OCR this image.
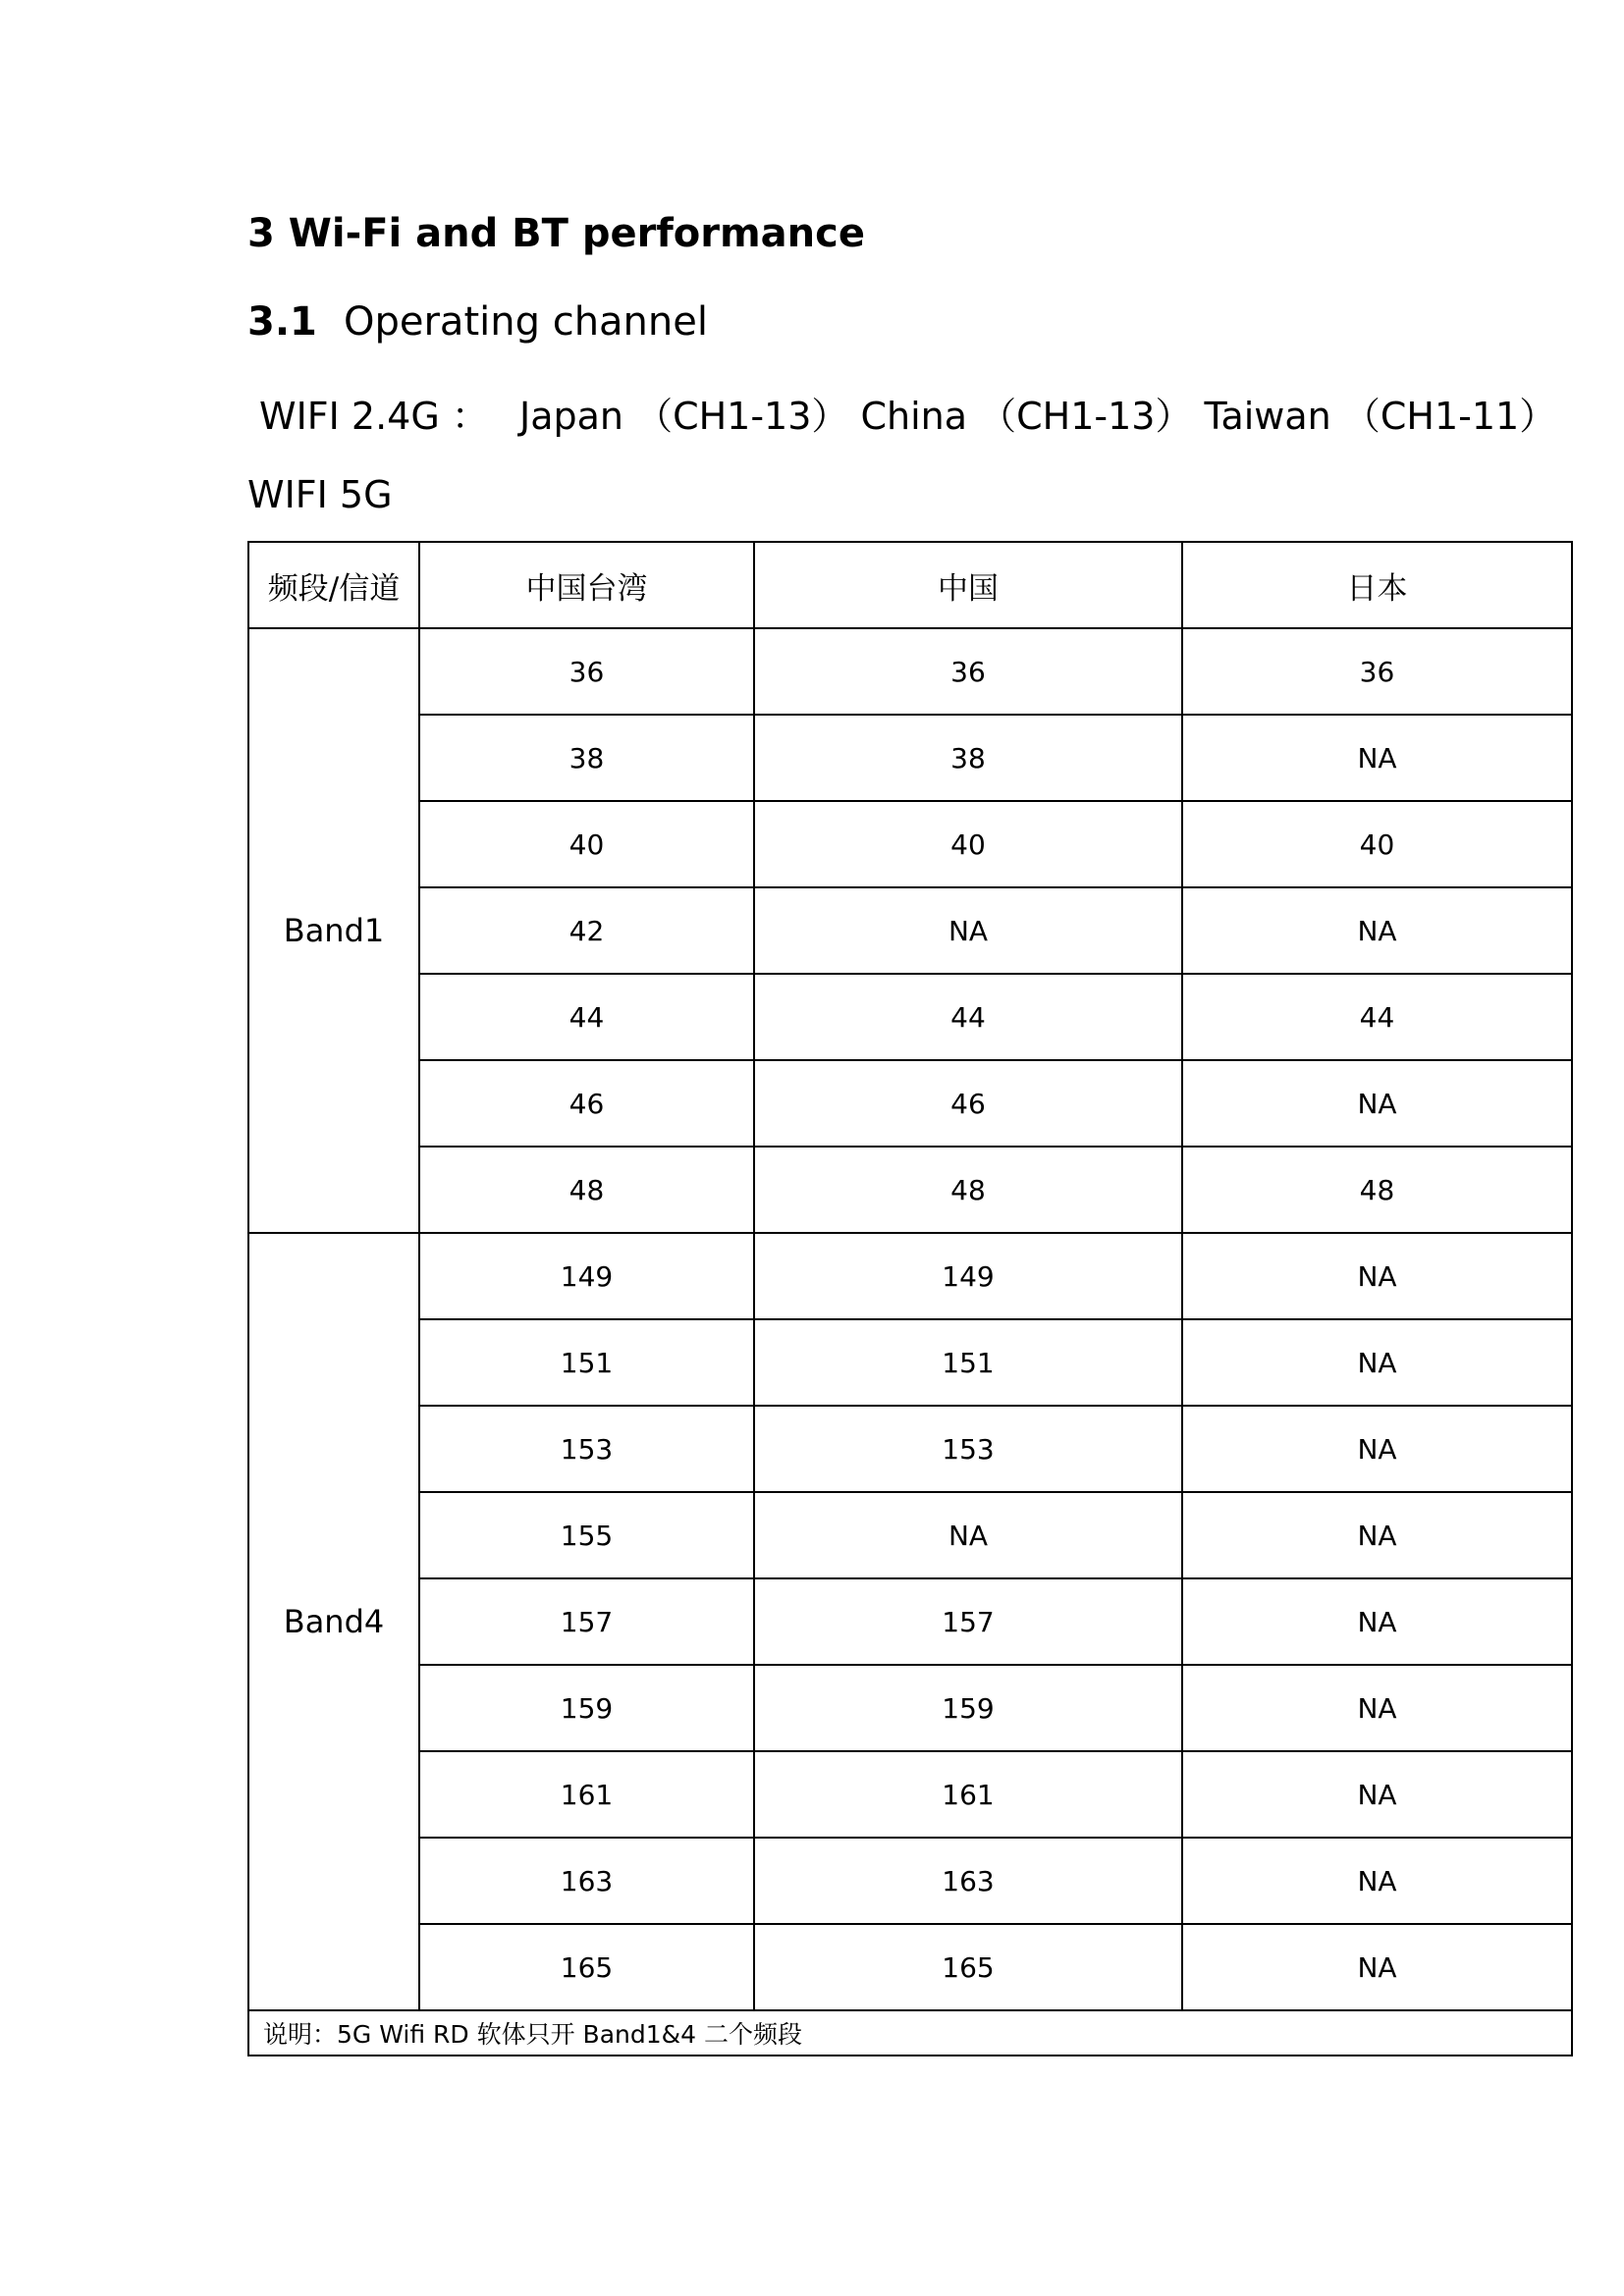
3 Wi-Fi and BT performance
3.1 Operating channel
WIFI 2.4G ： Japan （CH1-13） China （CH1-13） Taiwan （CH1-11）
WIFI 5G
频段/信道	中国台湾	中国	日本
Band1	36	36	36
	38	38	NA
	40	40	40
	42	NA	NA
	44	44	44
	46	46	NA
	48	48	48
Band4	149	149	NA
	151	151	NA
	153	153	NA
	155	NA	NA
	157	157	NA
	159	159	NA
	161	161	NA
	163	163	NA
	165	165	NA
说明：5G Wifi RD 软体只开 Band1&4 二个频段			
